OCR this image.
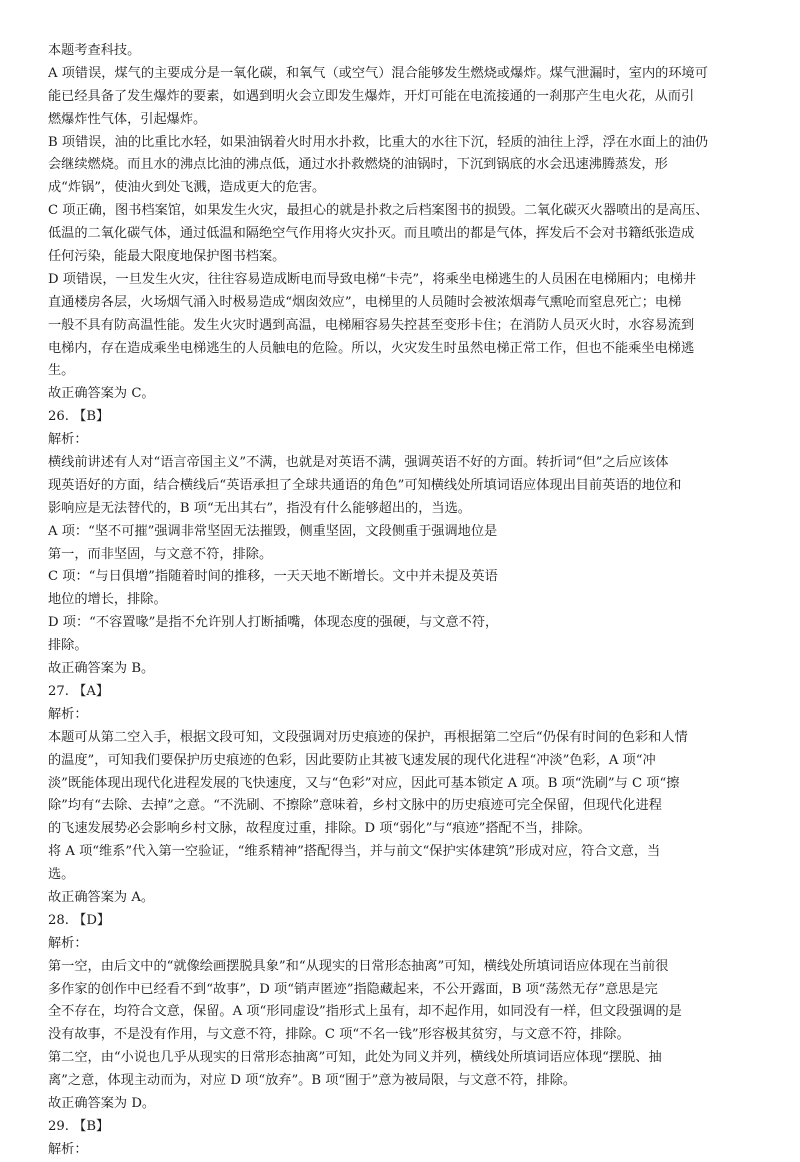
本题考查科技。
A 项错误，煤气的主要成分是一氧化碳，和氧气（或空气）混合能够发生燃烧或爆炸。煤气泄漏时，室内的环境可
能已经具备了发生爆炸的要素，如遇到明火会立即发生爆炸，开灯可能在电流接通的一刹那产生电火花，从而引
燃爆炸性气体，引起爆炸。
B 项错误，油的比重比水轻，如果油锅着火时用水扑救，比重大的水往下沉，轻质的油往上浮，浮在水面上的油仍
会继续燃烧。而且水的沸点比油的沸点低，通过水扑救燃烧的油锅时，下沉到锅底的水会迅速沸腾蒸发，形
成“炸锅”，使油火到处飞溅，造成更大的危害。
C 项正确，图书档案馆，如果发生火灾，最担心的就是扑救之后档案图书的损毁。二氧化碳灭火器喷出的是高压、
低温的二氧化碳气体，通过低温和隔绝空气作用将火灾扑灭。而且喷出的都是气体，挥发后不会对书籍纸张造成
任何污染，能最大限度地保护图书档案。
D 项错误，一旦发生火灾，往往容易造成断电而导致电梯“卡壳”，将乘坐电梯逃生的人员困在电梯厢内；电梯井
直通楼房各层，火场烟气涌入时极易造成“烟囱效应”，电梯里的人员随时会被浓烟毒气熏呛而窒息死亡；电梯
一般不具有防高温性能。发生火灾时遇到高温，电梯厢容易失控甚至变形卡住；在消防人员灭火时，水容易流到
电梯内，存在造成乘坐电梯逃生的人员触电的危险。所以，火灾发生时虽然电梯正常工作，但也不能乘坐电梯逃
生。
故正确答案为 C。
26. 【B】
解析：
横线前讲述有人对“语言帝国主义”不满，也就是对英语不满，强调英语不好的方面。转折词“但”之后应该体
现英语好的方面，结合横线后“英语承担了全球共通语的角色”可知横线处所填词语应体现出目前英语的地位和
影响应是无法替代的，B 项“无出其右”，指没有什么能够超出的，当选。
A 项：“坚不可摧”强调非常坚固无法摧毁，侧重坚固，文段侧重于强调地位是
第一，而非坚固，与文意不符，排除。
C 项：“与日俱增”指随着时间的推移，一天天地不断增长。文中并未提及英语
地位的增长，排除。
D 项：“不容置喙”是指不允许别人打断插嘴，体现态度的强硬，与文意不符，
排除。
故正确答案为 B。
27. 【A】
解析：
本题可从第二空入手，根据文段可知，文段强调对历史痕迹的保护，再根据第二空后“仍保有时间的色彩和人情
的温度”，可知我们要保护历史痕迹的色彩，因此要防止其被飞速发展的现代化进程“冲淡”色彩，A 项“冲
淡”既能体现出现代化进程发展的飞快速度，又与“色彩”对应，因此可基本锁定 A 项。B 项“洗刷”与 C 项“擦
除”均有“去除、去掉”之意。“不洗刷、不擦除”意味着，乡村文脉中的历史痕迹可完全保留，但现代化进程
的飞速发展势必会影响乡村文脉，故程度过重，排除。D 项“弱化”与“痕迹”搭配不当，排除。
将 A 项“维系”代入第一空验证，“维系精神”搭配得当，并与前文“保护实体建筑”形成对应，符合文意，当
选。
故正确答案为 A。
28. 【D】
解析：
第一空，由后文中的“就像绘画摆脱具象”和“从现实的日常形态抽离”可知，横线处所填词语应体现在当前很
多作家的创作中已经看不到“故事”，D 项“销声匿迹”指隐藏起来，不公开露面，B 项“荡然无存”意思是完
全不存在，均符合文意，保留。A 项“形同虚设”指形式上虽有，却不起作用，如同没有一样，但文段强调的是
没有故事，不是没有作用，与文意不符，排除。C 项“不名一钱”形容极其贫穷，与文意不符，排除。
第二空，由“小说也几乎从现实的日常形态抽离”可知，此处为同义并列，横线处所填词语应体现“摆脱、抽
离”之意，体现主动而为，对应 D 项“放弃”。B 项“囿于”意为被局限，与文意不符，排除。
故正确答案为 D。
29. 【B】
解析：
